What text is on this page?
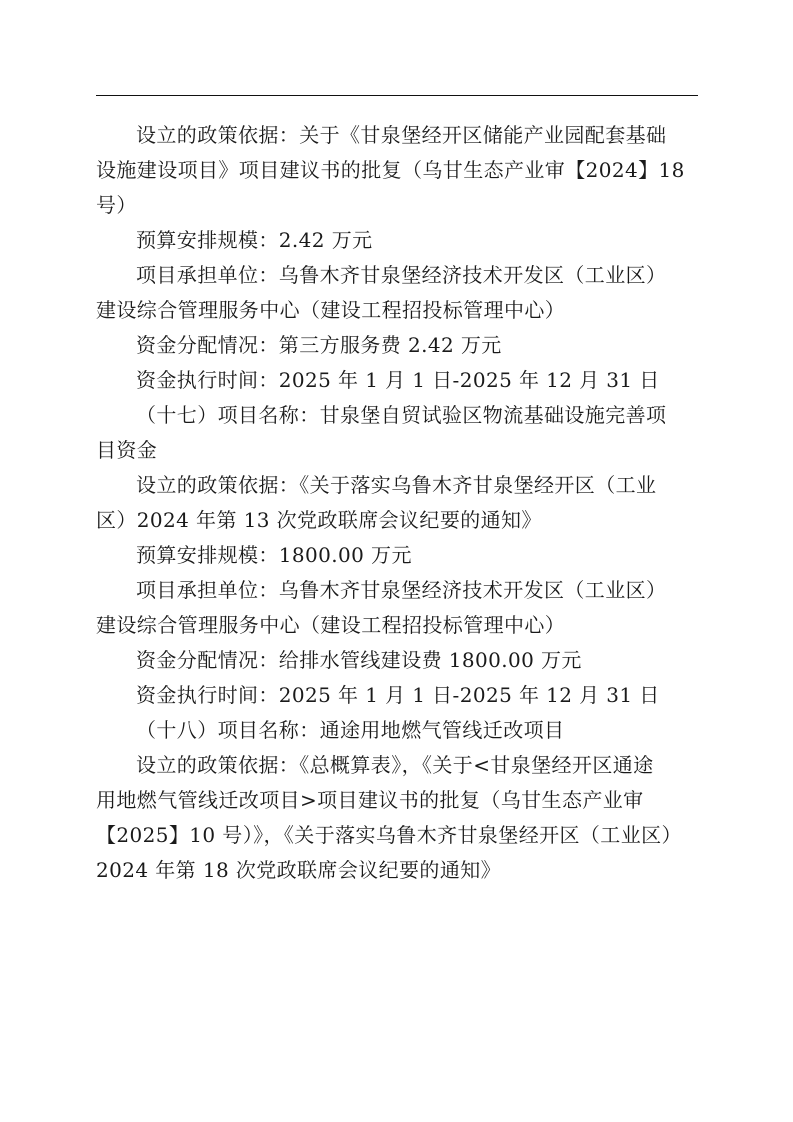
设立的政策依据：关于《甘泉堡经开区储能产业园配套基础
设施建设项目》项目建议书的批复（乌甘生态产业审【2024】18
号）
预算安排规模：2.42 万元
项目承担单位：乌鲁木齐甘泉堡经济技术开发区（工业区）
建设综合管理服务中心（建设工程招投标管理中心）
资金分配情况：第三方服务费 2.42 万元
资金执行时间：2025 年 1 月 1 日-2025 年 12 月 31 日
（十七）项目名称：甘泉堡自贸试验区物流基础设施完善项
目资金
设立的政策依据：《关于落实乌鲁木齐甘泉堡经开区（工业
区）2024 年第 13 次党政联席会议纪要的通知》
预算安排规模：1800.00 万元
项目承担单位：乌鲁木齐甘泉堡经济技术开发区（工业区）
建设综合管理服务中心（建设工程招投标管理中心）
资金分配情况：给排水管线建设费 1800.00 万元
资金执行时间：2025 年 1 月 1 日-2025 年 12 月 31 日
（十八）项目名称：通途用地燃气管线迁改项目
设立的政策依据：《总概算表》，《关于<甘泉堡经开区通途
用地燃气管线迁改项目>项目建议书的批复（乌甘生态产业审
【2025】10 号）》，《关于落实乌鲁木齐甘泉堡经开区（工业区）
2024 年第 18 次党政联席会议纪要的通知》
